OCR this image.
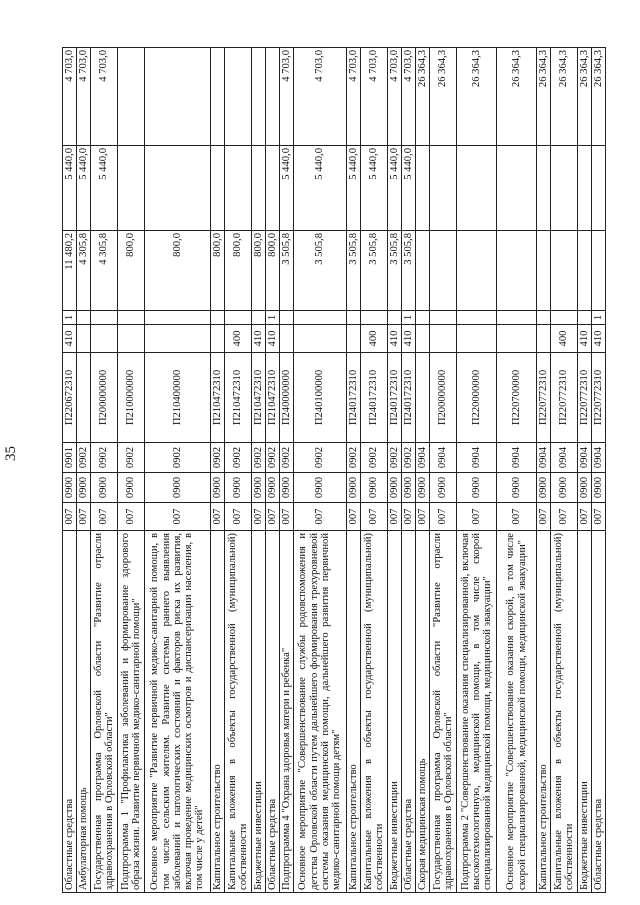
35
Областные средства	007	0900	0901	П220672310	410	1	11 480,2	5 440,0	4 703,0
Амбулаторная помощь	007	0900	0902				4 305,8	5 440,0	4 703,0
Государственная программа Орловской области "Развитие отрасли здравоохранения в Орловской области"	007	0900	0902	П200000000			4 305,8	5 440,0	4 703,0
Подпрограмма 1 "Профилактика заболеваний и формирование здорового образа жизни. Развитие первичной медико-санитарной помощи"	007	0900	0902	П210000000			800,0		
Основное мероприятие "Развитие первичной медико-санитарной помощи, в том числе сельским жителям. Развитие системы раннего выявления заболеваний и патологических состояний и факторов риска их развития, включая проведение медицинских осмотров и диспансеризации населения, в том числе у детей"	007	0900	0902	П210400000			800,0		
Капитальное строительство	007	0900	0902	П210472310			800,0		
Капитальные вложения в объекты государственной (муниципальной) собственности	007	0900	0902	П210472310	400		800,0		
Бюджетные инвестиции	007	0900	0902	П210472310	410		800,0		
Областные средства	007	0900	0902	П210472310	410	1	800,0		
Подпрограмма 4 "Охрана здоровья матери и ребенка"	007	0900	0902	П240000000			3 505,8	5 440,0	4 703,0
Основное мероприятие "Совершенствование службы родовспоможения и детства Орловской области путем дальнейшего формирования трехуровневой системы оказания медицинской помощи, дальнейшего развития первичной медико-санитарной помощи детям"	007	0900	0902	П240100000			3 505,8	5 440,0	4 703,0
Капитальное строительство	007	0900	0902	П240172310			3 505,8	5 440,0	4 703,0
Капитальные вложения в объекты государственной (муниципальной) собственности	007	0900	0902	П240172310	400		3 505,8	5 440,0	4 703,0
Бюджетные инвестиции	007	0900	0902	П240172310	410		3 505,8	5 440,0	4 703,0
Областные средства	007	0900	0902	П240172310	410	1	3 505,8	5 440,0	4 703,0
Скорая медицинская помощь	007	0900	0904						26 364,3
Государственная программа Орловской области "Развитие отрасли здравоохранения в Орловской области"	007	0900	0904	П200000000					26 364,3
Подпрограмма 2 "Совершенствование оказания специализированной, включая высокотехнологичную, медицинской помощи, в том числе скорой специализированной медицинской помощи, медицинской эвакуации"	007	0900	0904	П220000000					26 364,3
Основное мероприятие "Совершенствование оказания скорой, в том числе скорой специализированной, медицинской помощи, медицинской эвакуации"	007	0900	0904	П220700000					26 364,3
Капитальное строительство	007	0900	0904	П220772310					26 364,3
Капитальные вложения в объекты государственной (муниципальной) собственности	007	0900	0904	П220772310	400				26 364,3
Бюджетные инвестиции	007	0900	0904	П220772310	410				26 364,3
Областные средства	007	0900	0904	П220772310	410	1			26 364,3
